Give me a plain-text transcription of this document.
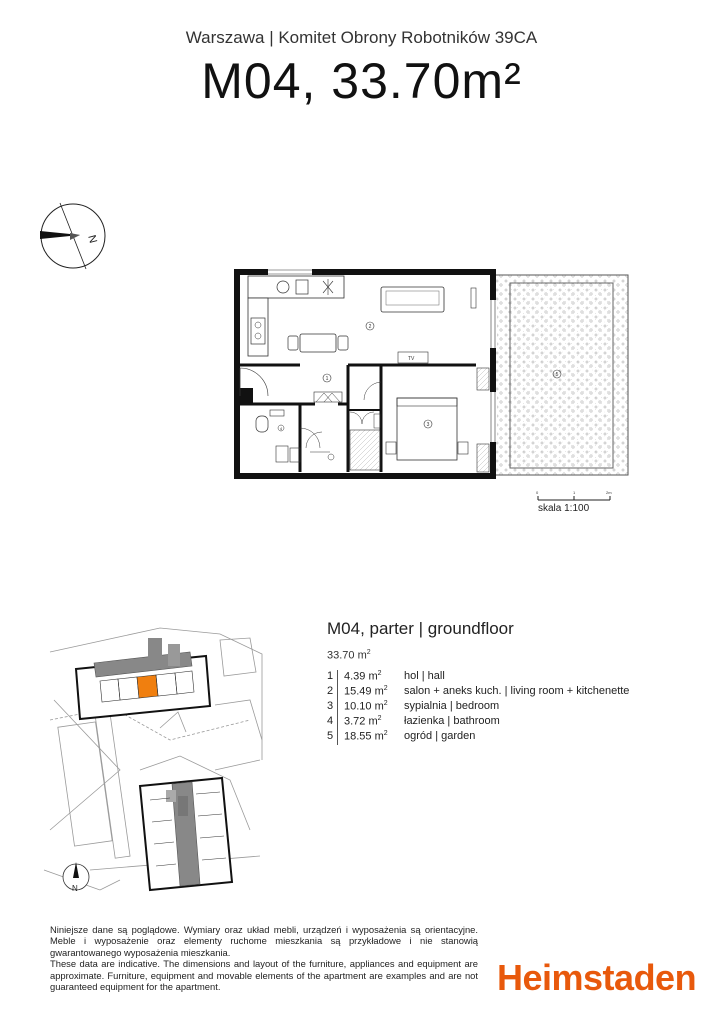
Warszawa | Komitet Obrony Robotników 39CA
M04, 33.70m²
N
5
2
TV
1
4
3
0	1	2m
N
skala 1:100
M04, parter | groundfloor
33.70 $m^2$
1	4.39 $m^2$	hol | hall
2	15.49 $m^2$	salon + aneks kuch. | living room + kitchenette
3	10.10 $m^2$	sypialnia | bedroom
4	3.72 $m^2$	łazienka | bathroom
5	18.55 $m^2$	ogród | garden
Niniejsze dane są poglądowe. Wymiary oraz układ mebli, urządzeń i wyposażenia są orientacyjne. Meble i wyposażenie oraz elementy ruchome mieszkania są przykładowe i nie stanowią gwarantowanego wyposażenia mieszkania.
These data are indicative. The dimensions and layout of the furniture, appliances and equipment are approximate. Furniture, equipment and movable elements of the apartment are examples and are not guaranteed equipment for the apartment.	Heimstaden
